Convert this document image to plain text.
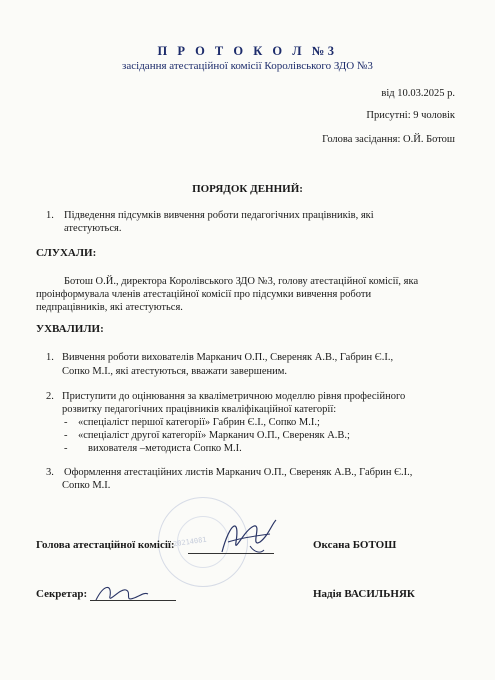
П Р О Т О К О Л №3
засідання атестаційної комісії Королівського ЗДО №3
від 10.03.2025 р.
Присутні: 9 чоловік
Голова засідання: О.Й. Ботош
ПОРЯДОК ДЕННИЙ:
1. Підведення підсумків вивчення роботи педагогічних працівників, які
атестуються.
СЛУХАЛИ:
Ботош О.Й., директора Королівського ЗДО №3, голову атестаційної комісії, яка
проінформувала членів атестаційної комісії про підсумки вивчення роботи
педпрацівників, які атестуються.
УХВАЛИЛИ:
1. Вивчення роботи вихователів Марканич О.П., Свереняк А.В., Габрин Є.І.,
Сопко М.І., які атестуються, вважати завершеним.
2. Приступити до оцінювання за кваліметричною моделлю рівня професійного
розвитку педагогічних працівників кваліфікаційної категорії:
- «спеціаліст першої категорії» Габрин Є.І., Сопко М.І.;
- «спеціаліст другої категорії» Марканич О.П., Свереняк А.В.;
- вихователя –методиста Сопко М.І.
3. Оформлення атестаційних листів Марканич О.П., Свереняк А.В., Габрин Є.І.,
Сопко М.І.
20214081
Голова атестаційної комісії:	Оксана БОТОШ
Секретар:	Надія ВАСИЛЬНЯК
